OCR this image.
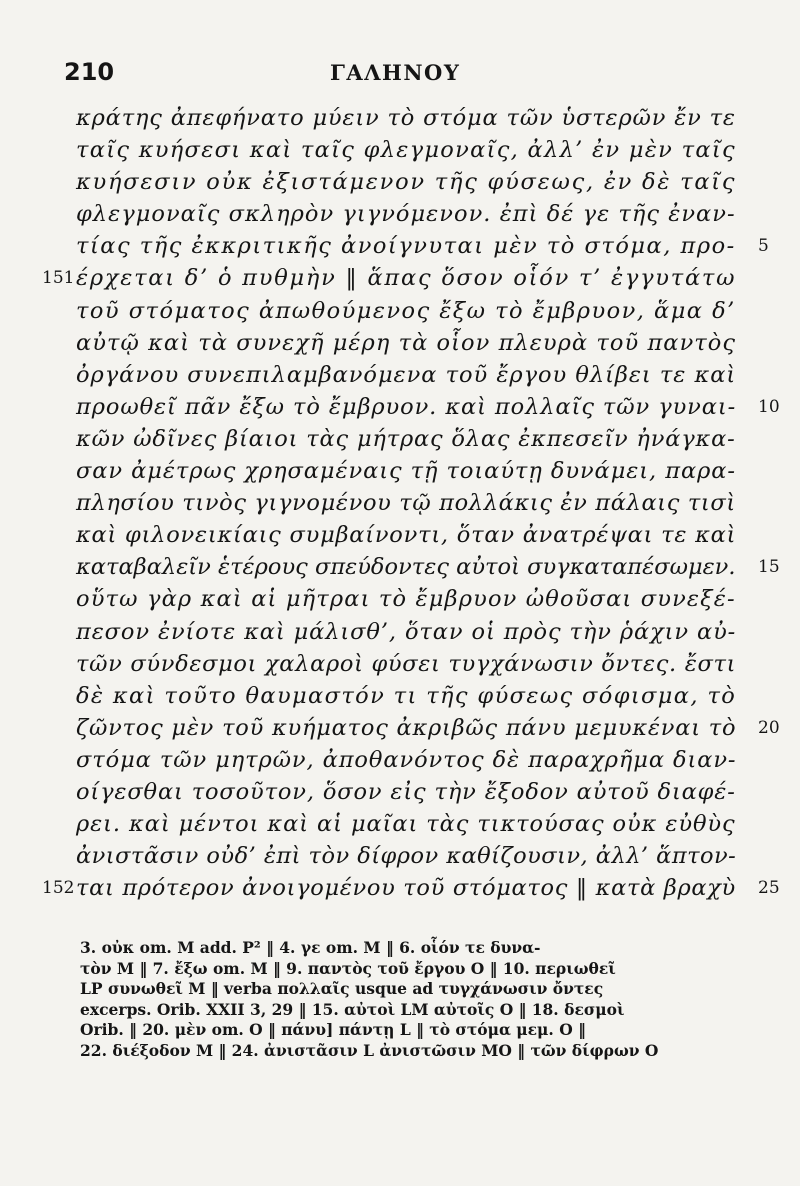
210	ΓΑΛΗΝΟΥ
κράτης ἀπεφήνατο μύειν τὸ στόμα τῶν ὑστερῶν ἔν τε
ταῖς κυήσεσι καὶ ταῖς φλεγμοναῖς, ἀλλ’ ἐν μὲν ταῖς
κυήσεσιν οὐκ ἐξιστάμενον τῆς φύσεως, ἐν δὲ ταῖς
φλεγμοναῖς σκληρὸν γιγνόμενον. ἐπὶ δέ γε τῆς ἐναν-
τίας τῆς ἐκκριτικῆς ἀνοίγνυται μὲν τὸ στόμα, προ- 5
έρχεται δ’ ὁ πυθμὴν ‖ ἅπας ὅσον οἷόν τ’ ἐγγυτάτω
151
τοῦ στόματος ἀπωθούμενος ἔξω τὸ ἔμβρυον, ἅμα δ’
αὐτῷ καὶ τὰ συνεχῆ μέρη τὰ οἷον πλευρὰ τοῦ παντὸς
ὀργάνου συνεπιλαμβανόμενα τοῦ ἔργου θλίβει τε καὶ
προωθεῖ πᾶν ἔξω τὸ ἔμβρυον. καὶ πολλαῖς τῶν γυναι- 10
κῶν ὠδῖνες βίαιοι τὰς μήτρας ὅλας ἐκπεσεῖν ἠνάγκα-
σαν ἀμέτρως χρησαμέναις τῇ τοιαύτῃ δυνάμει, παρα-
πλησίου τινὸς γιγνομένου τῷ πολλάκις ἐν πάλαις τισὶ
καὶ φιλονεικίαις συμβαίνοντι, ὅταν ἀνατρέψαι τε καὶ
καταβαλεῖν ἑτέρους σπεύδοντες αὐτοὶ συγκαταπέσωμεν. 15
οὕτω γὰρ καὶ αἱ μῆτραι τὸ ἔμβρυον ὠθοῦσαι συνεξέ-
πεσον ἐνίοτε καὶ μάλισθ’, ὅταν οἱ πρὸς τὴν ῥάχιν αὐ-
τῶν σύνδεσμοι χαλαροὶ φύσει τυγχάνωσιν ὄντες. ἔστι
δὲ καὶ τοῦτο θαυμαστόν τι τῆς φύσεως σόφισμα, τὸ
ζῶντος μὲν τοῦ κυήματος ἀκριβῶς πάνυ μεμυκέναι τὸ 20
στόμα τῶν μητρῶν, ἀποθανόντος δὲ παραχρῆμα διαν-
οίγεσθαι τοσοῦτον, ὅσον εἰς τὴν ἔξοδον αὐτοῦ διαφέ-
ρει. καὶ μέντοι καὶ αἱ μαῖαι τὰς τικτούσας οὐκ εὐθὺς
ἀνιστᾶσιν οὐδ’ ἐπὶ τὸν δίφρον καθίζουσιν, ἀλλ’ ἅπτον-
ται πρότερον ἀνοιγομένου τοῦ στόματος ‖ κατὰ βραχὺ
152	25
3. οὐκ om. M add. P² ‖ 4. γε om. M ‖ 6. οἷόν τε δυνα-
τὸν M ‖ 7. ἔξω om. M ‖ 9. παντὸς τοῦ ἔργου O ‖ 10. περιωθεῖ
LP συνωθεῖ M ‖ verba πολλαῖς usque ad τυγχάνωσιν ὄντες
excerps. Orib. XXII 3, 29 ‖ 15. αὐτοὶ LM αὐτοῖς O ‖ 18. δεσμοὶ
Orib. ‖ 20. μὲν om. O ‖ πάνυ] πάντῃ L ‖ τὸ στόμα μεμ. O ‖
22. διέξοδον M ‖ 24. ἀνιστᾶσιν L ἀνιστῶσιν MO ‖ τῶν δίφρων O
